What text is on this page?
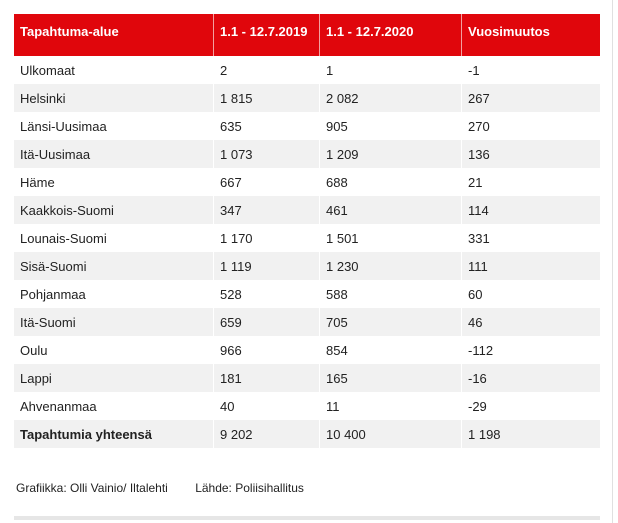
Tapahtuma-alue	1.1 - 12.7.2019	1.1 - 12.7.2020	Vuosimuutos
Ulkomaat	2	1	-1
Helsinki	1 815	2 082	267
Länsi-Uusimaa	635	905	270
Itä-Uusimaa	1 073	1 209	136
Häme	667	688	21
Kaakkois-Suomi	347	461	114
Lounais-Suomi	1 170	1 501	331
Sisä-Suomi	1 119	1 230	111
Pohjanmaa	528	588	60
Itä-Suomi	659	705	46
Oulu	966	854	-112
Lappi	181	165	-16
Ahvenanmaa	40	11	-29
Tapahtumia yhteensä	9 202	10 400	1 198
Grafiikka: Olli Vainio/ Iltalehti Lähde: Poliisihallitus
